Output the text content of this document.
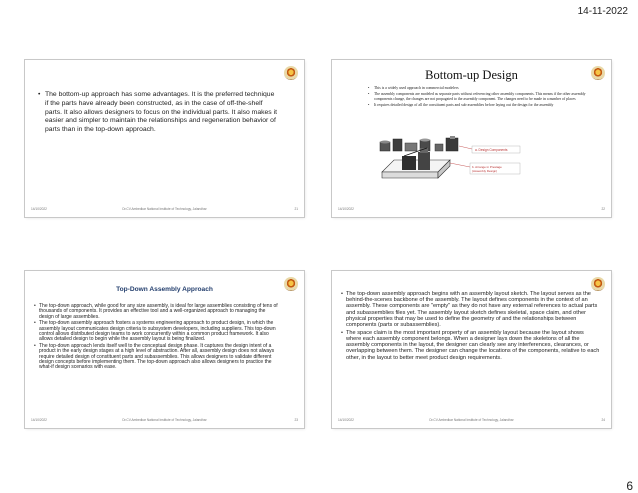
14-11-2022
• The bottom-up approach has some advantages. It is the preferred technique if the parts have already been constructed, as in the case of off-the-shelf parts. It also allows designers to focus on the individual parts. It also makes it easier and simpler to maintain the relationships and regeneration behavior of parts than in the top-down approach.
14/10/2022	Dr.CV.Ambedkar National Institute of Technology, Jalandhar	21
Bottom-up Design
• This is a widely used approach in commercial modelers
• The assembly components are modeled as separate parts without referencing other assembly components. This means if the other assembly components change, the changes are not propagated to the assembly component. The changes need to be made in a number of places
• It requires detailed design of all the constituent parts and sub-assemblies before laying out the design for the assembly
a. Design Components
b. Arrange in Prestage
(Assembly Design)
14/10/2022	22
Top-Down Assembly Approach
• The top-down approach, while good for any size assembly, is ideal for large assemblies consisting of tens of thousands of components. It provides an effective tool and a well-organized approach to managing the design of large assemblies.
• The top-down assembly approach fosters a systems engineering approach to product design, in which the assembly layout communicates design criteria to subsystem developers, including suppliers. This top-down control allows distributed design teams to work concurrently within a common product framework. It also allows detailed design to begin while the assembly layout is being finalized.
• The top-down approach lends itself well to the conceptual design phase. It captures the design intent of a product in the early design stages at a high level of abstraction. After all, assembly design does not always require detailed design of constituent parts and subassemblies. This allows designers to validate different design concepts before implementing them. The top-down approach also allows designers to practice the what-if design scenarios with ease.
14/10/2022	Dr.CV.Ambedkar National Institute of Technology, Jalandhar	23
• The top-down assembly approach begins with an assembly layout sketch. The layout serves as the behind-the-scenes backbone of the assembly. The layout defines components in the context of an assembly. These components are "empty" as they do not have any external references to actual parts and subassemblies files yet. The assembly layout sketch defines skeletal, space claim, and other physical properties that may be used to define the geometry of and the relationships between components (parts or subassemblies).
• The space claim is the most important property of an assembly layout because the layout shows where each assembly component belongs. When a designer lays down the skeletons of all the assembly components in the layout, the designer can clearly see any interferences, clearances, or overlapping between them. The designer can change the locations of the components, relative to each other, in the layout to better meet product design requirements.
14/10/2022	Dr.CV.Ambedkar National Institute of Technology, Jalandhar	24
6
